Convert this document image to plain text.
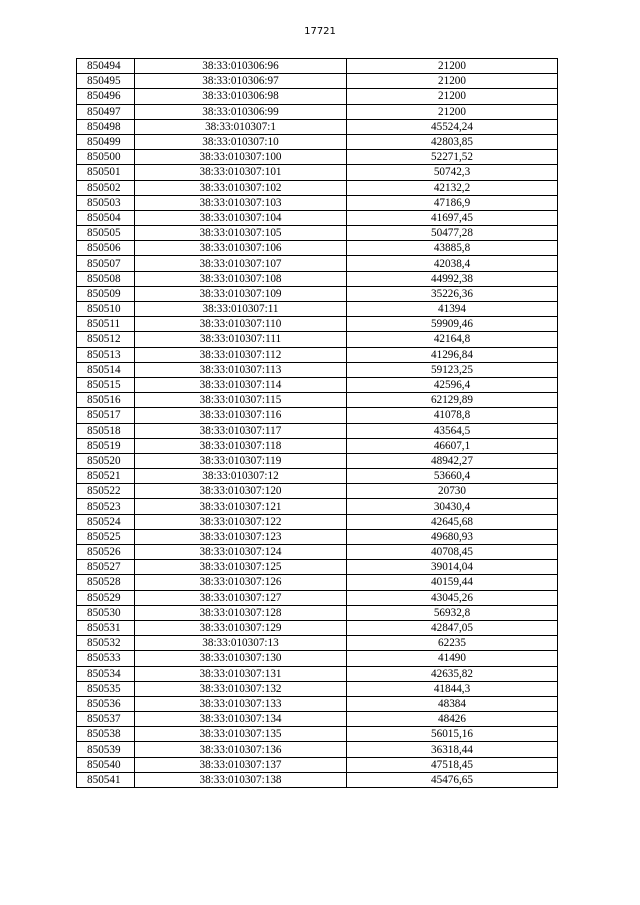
17721
850494	38:33:010306:96	21200
850495	38:33:010306:97	21200
850496	38:33:010306:98	21200
850497	38:33:010306:99	21200
850498	38:33:010307:1	45524,24
850499	38:33:010307:10	42803,85
850500	38:33:010307:100	52271,52
850501	38:33:010307:101	50742,3
850502	38:33:010307:102	42132,2
850503	38:33:010307:103	47186,9
850504	38:33:010307:104	41697,45
850505	38:33:010307:105	50477,28
850506	38:33:010307:106	43885,8
850507	38:33:010307:107	42038,4
850508	38:33:010307:108	44992,38
850509	38:33:010307:109	35226,36
850510	38:33:010307:11	41394
850511	38:33:010307:110	59909,46
850512	38:33:010307:111	42164,8
850513	38:33:010307:112	41296,84
850514	38:33:010307:113	59123,25
850515	38:33:010307:114	42596,4
850516	38:33:010307:115	62129,89
850517	38:33:010307:116	41078,8
850518	38:33:010307:117	43564,5
850519	38:33:010307:118	46607,1
850520	38:33:010307:119	48942,27
850521	38:33:010307:12	53660,4
850522	38:33:010307:120	20730
850523	38:33:010307:121	30430,4
850524	38:33:010307:122	42645,68
850525	38:33:010307:123	49680,93
850526	38:33:010307:124	40708,45
850527	38:33:010307:125	39014,04
850528	38:33:010307:126	40159,44
850529	38:33:010307:127	43045,26
850530	38:33:010307:128	56932,8
850531	38:33:010307:129	42847,05
850532	38:33:010307:13	62235
850533	38:33:010307:130	41490
850534	38:33:010307:131	42635,82
850535	38:33:010307:132	41844,3
850536	38:33:010307:133	48384
850537	38:33:010307:134	48426
850538	38:33:010307:135	56015,16
850539	38:33:010307:136	36318,44
850540	38:33:010307:137	47518,45
850541	38:33:010307:138	45476,65
